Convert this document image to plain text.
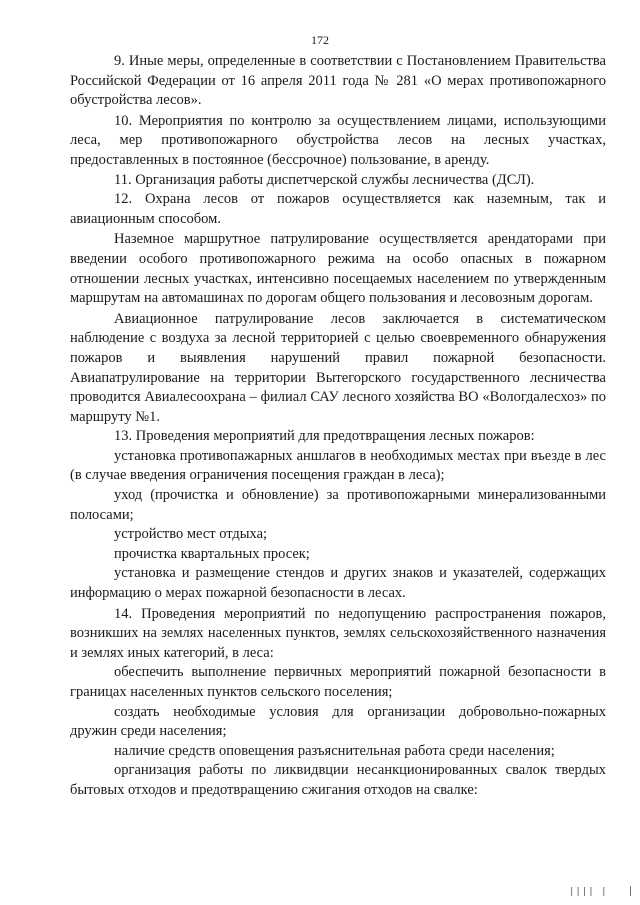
172

9. Иные меры, определенные в соответствии с Постановлением Правительства Российской Федерации от 16 апреля 2011 года № 281 «О мерах противопожарного обустройства лесов».

10. Мероприятия по контролю за осуществлением лицами, использующими леса, мер противопожарного обустройства лесов на лесных участках, предоставленных в постоянное (бессрочное) пользование, в аренду.

11. Организация работы диспетчерской службы лесничества (ДСЛ).

12. Охрана лесов от пожаров осуществляется как наземным, так и авиационным способом.

Наземное маршрутное патрулирование осуществляется арендаторами при введении особого противопожарного режима на особо опасных в пожарном отношении лесных участках, интенсивно посещаемых населением по утвержденным маршрутам на автомашинах по дорогам общего пользования и лесовозным дорогам.

Авиационное патрулирование лесов заключается в систематическом наблюдение с воздуха за лесной территорией с целью своевременного обнаружения пожаров и выявления нарушений правил пожарной безопасности. Авиапатрулирование на территории Вытегорского государственного лесничества проводится Авиалесоохрана – филиал САУ лесного хозяйства ВО «Вологдалесхоз» по маршруту №1.

13. Проведения мероприятий для предотвращения лесных пожаров:

установка противопажарных аншлагов в необходимых местах при въезде в лес (в случае введения ограничения посещения граждан в леса);

уход (прочистка и обновление) за противопожарными минерализованными полосами;

устройство мест отдыха;

прочистка квартальных просек;

установка и размещение стендов и других знаков и указателей, содержащих информацию о мерах пожарной безопасности в лесах.

14. Проведения мероприятий по недопущению распространения пожаров, возникших на землях населенных пунктов, землях сельскохозяйственного назначения и землях иных категорий, в леса:

обеспечить выполнение первичных мероприятий пожарной безопасности в границах населенных пунктов сельского поселения;

создать необходимые условия для организации добровольно-пожарных дружин среди населения;

наличие средств оповещения разъяснительная работа среди населения;

организация работы по ликвидвции несанкционированных свалок твердых бытовых отходов и предотвращению сжигания отходов на свалке:

|||| |
